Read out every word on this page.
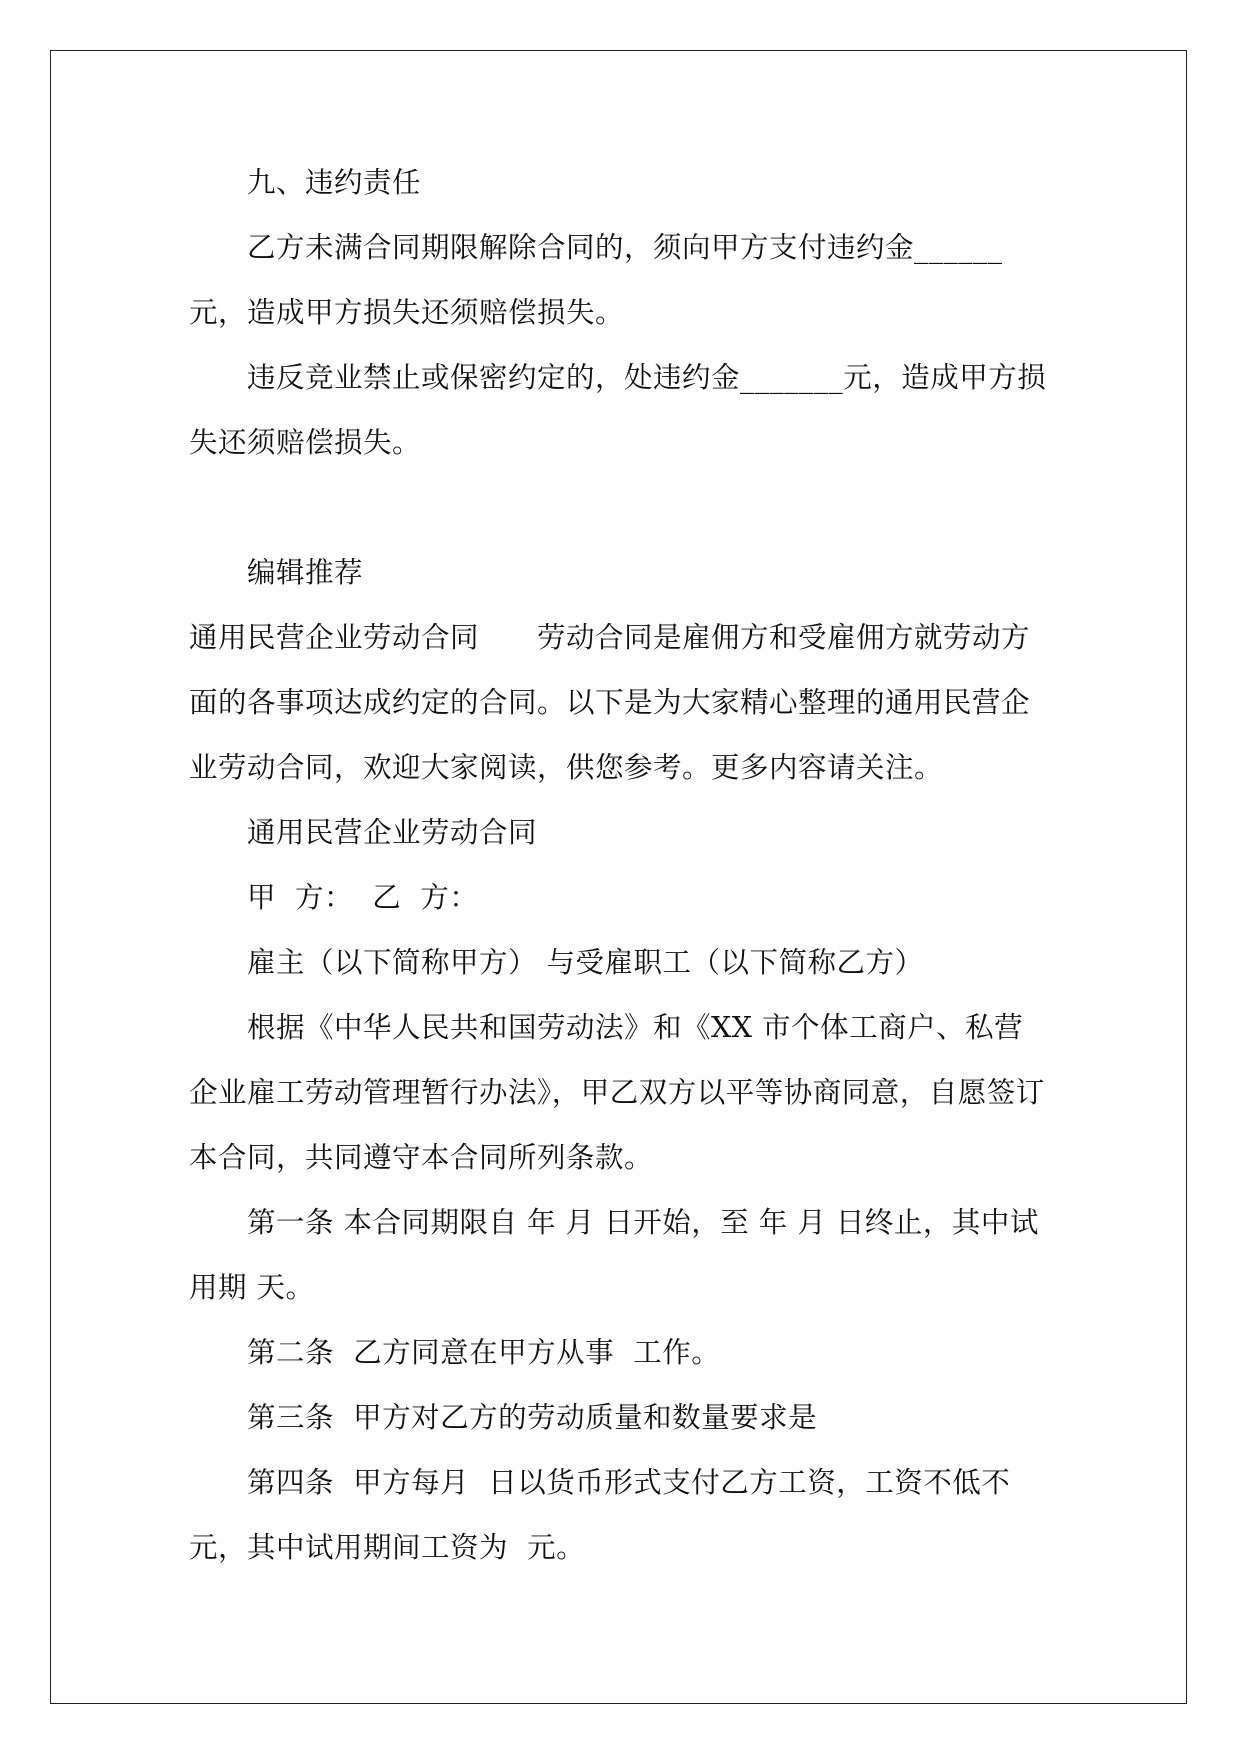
九、违约责任

乙方未满合同期限解除合同的，须向甲方支付违约金______元，造成甲方损失还须赔偿损失。

违反竞业禁止或保密约定的，处违约金_______元，造成甲方损失还须赔偿损失。

编辑推荐

通用民营企业劳动合同　　劳动合同是雇佣方和受雇佣方就劳动方面的各事项达成约定的合同。以下是为大家精心整理的通用民营企业劳动合同，欢迎大家阅读，供您参考。更多内容请关注。

通用民营企业劳动合同

甲  方：  乙  方：

雇主（以下简称甲方） 与受雇职工（以下简称乙方）

根据《中华人民共和国劳动法》和《XX 市个体工商户、私营企业雇工劳动管理暂行办法》，甲乙双方以平等协商同意，自愿签订本合同，共同遵守本合同所列条款。

第一条 本合同期限自 年 月 日开始，至 年 月 日终止，其中试用期 天。

第二条  乙方同意在甲方从事  工作。

第三条  甲方对乙方的劳动质量和数量要求是

第四条  甲方每月  日以货币形式支付乙方工资，工资不低不  元，其中试用期间工资为  元。
